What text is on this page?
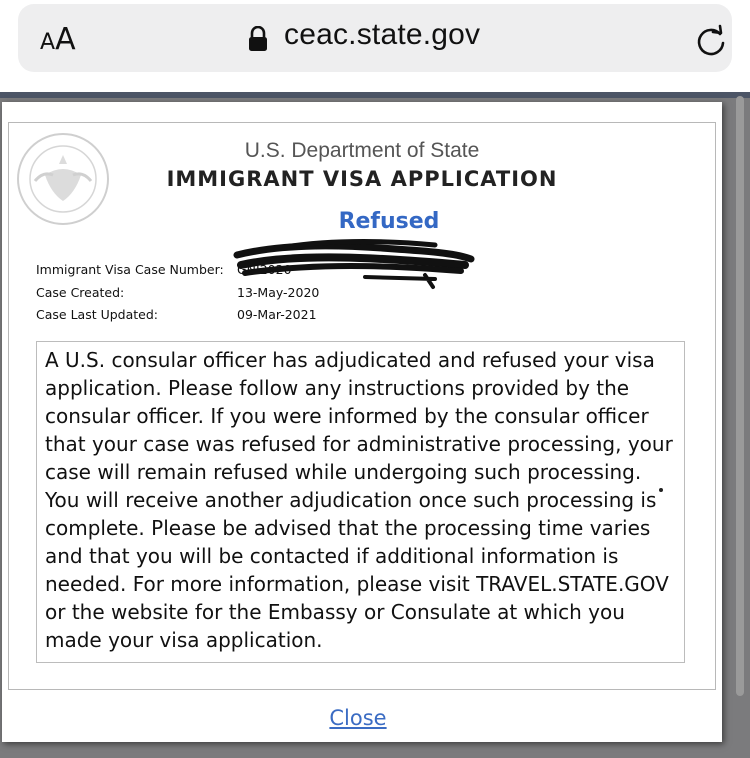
AA	ceac.state.gov
U.S. Department of State
IMMIGRANT VISA APPLICATION
Refused
Immigrant Visa Case Number: GNI2020
Case Created:	13-May-2020
Case Last Updated:	09-Mar-2021

A U.S. consular officer has adjudicated and refused your visa application. Please follow any instructions provided by the consular officer. If you were informed by the consular officer that your case was refused for administrative processing, your case will remain refused while undergoing such processing. You will receive another adjudication once such processing is complete. Please be advised that the processing time varies and that you will be contacted if additional information is needed. For more information, please visit TRAVEL.STATE.GOV or the website for the Embassy or Consulate at which you made your visa application.

Close
